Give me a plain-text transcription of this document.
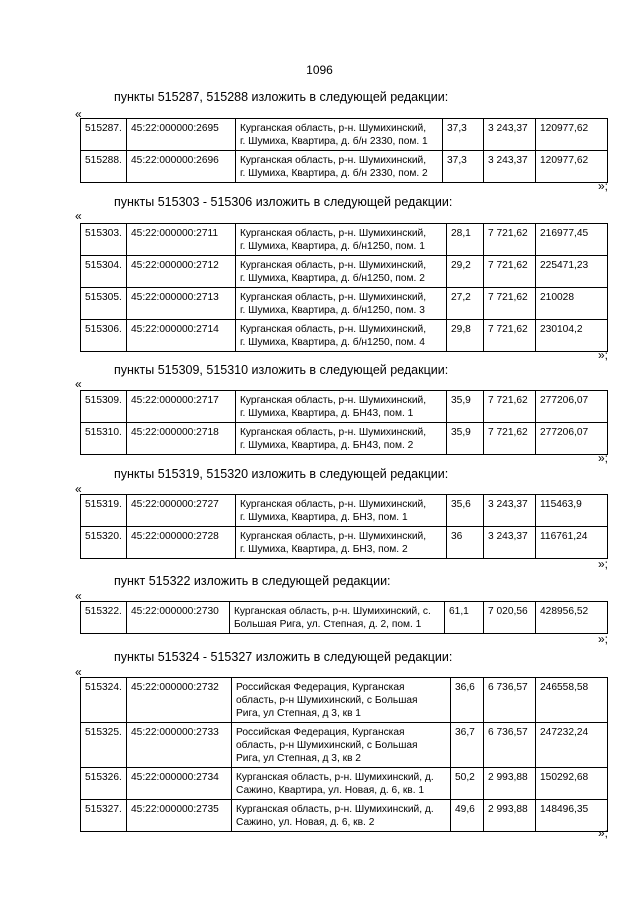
1096
пункты 515287, 515288 изложить в следующей редакции:
«
515287.	45:22:000000:2695	Курганская область, р-н. Шумихинский,
г. Шумиха, Квартира, д. б/н 2330, пом. 1	37,3	3 243,37	120977,62
515288.	45:22:000000:2696	Курганская область, р-н. Шумихинский,
г. Шумиха, Квартира, д. б/н 2330, пом. 2	37,3	3 243,37	120977,62
»;
пункты 515303 - 515306 изложить в следующей редакции:
«
515303.	45:22:000000:2711	Курганская область, р-н. Шумихинский,
г. Шумиха, Квартира, д. б/н1250, пом. 1	28,1	7 721,62	216977,45
515304.	45:22:000000:2712	Курганская область, р-н. Шумихинский,
г. Шумиха, Квартира, д. б/н1250, пом. 2	29,2	7 721,62	225471,23
515305.	45:22:000000:2713	Курганская область, р-н. Шумихинский,
г. Шумиха, Квартира, д. б/н1250, пом. 3	27,2	7 721,62	210028
515306.	45:22:000000:2714	Курганская область, р-н. Шумихинский,
г. Шумиха, Квартира, д. б/н1250, пом. 4	29,8	7 721,62	230104,2
»;
пункты 515309, 515310 изложить в следующей редакции:
«
515309.	45:22:000000:2717	Курганская область, р-н. Шумихинский,
г. Шумиха, Квартира, д. БН43, пом. 1	35,9	7 721,62	277206,07
515310.	45:22:000000:2718	Курганская область, р-н. Шумихинский,
г. Шумиха, Квартира, д. БН43, пом. 2	35,9	7 721,62	277206,07
»;
пункты 515319, 515320 изложить в следующей редакции:
«
515319.	45:22:000000:2727	Курганская область, р-н. Шумихинский,
г. Шумиха, Квартира, д. БН3, пом. 1	35,6	3 243,37	115463,9
515320.	45:22:000000:2728	Курганская область, р-н. Шумихинский,
г. Шумиха, Квартира, д. БН3, пом. 2	36	3 243,37	116761,24
»;
пункт 515322 изложить в следующей редакции:
«
515322.	45:22:000000:2730	Курганская область, р-н. Шумихинский, с.
Большая Рига, ул. Степная, д. 2, пом. 1	61,1	7 020,56	428956,52
»;
пункты 515324 - 515327 изложить в следующей редакции:
«
515324.	45:22:000000:2732	Российская Федерация, Курганская
область, р-н Шумихинский, с Большая
Рига, ул Степная, д 3, кв 1	36,6	6 736,57	246558,58
515325.	45:22:000000:2733	Российская Федерация, Курганская
область, р-н Шумихинский, с Большая
Рига, ул Степная, д 3, кв 2	36,7	6 736,57	247232,24
515326.	45:22:000000:2734	Курганская область, р-н. Шумихинский, д.
Сажино, Квартира, ул. Новая, д. 6, кв. 1	50,2	2 993,88	150292,68
515327.	45:22:000000:2735	Курганская область, р-н. Шумихинский, д.
Сажино, ул. Новая, д. 6, кв. 2	49,6	2 993,88	148496,35
»;
